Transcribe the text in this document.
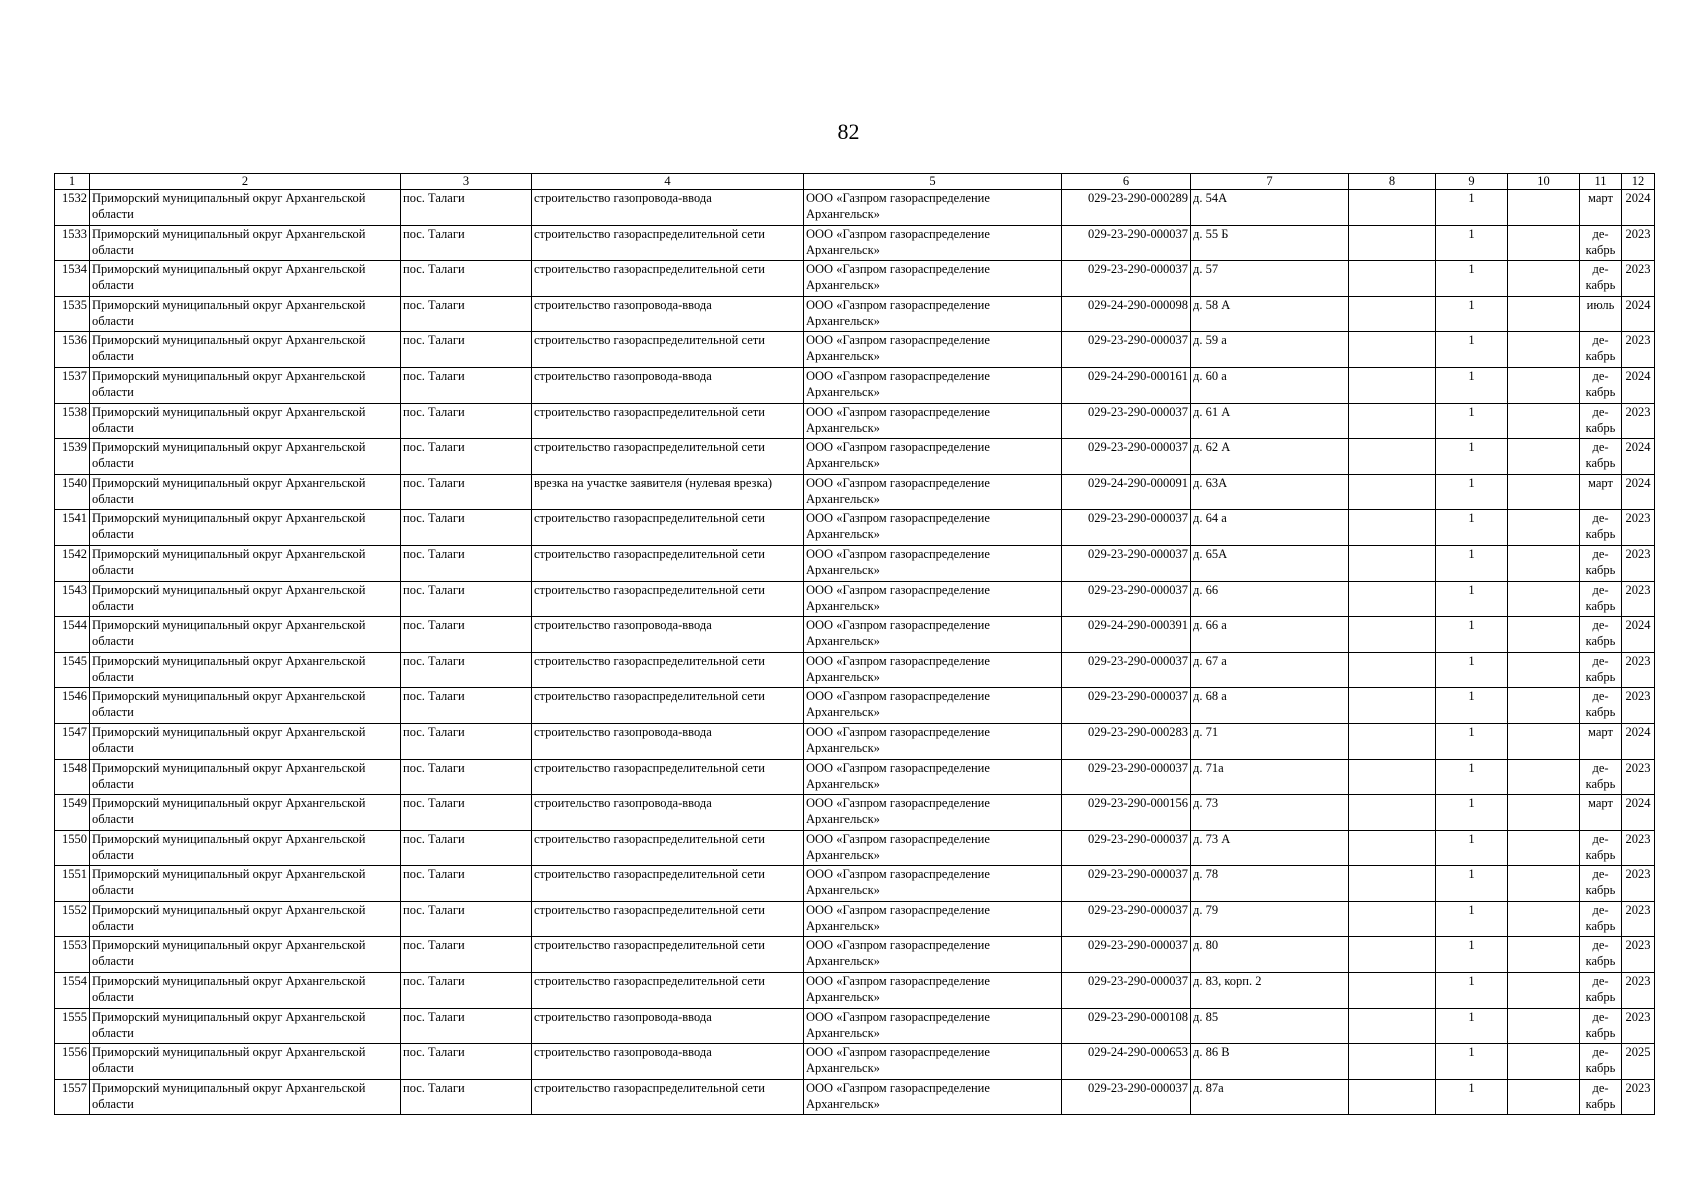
82
1	2	3	4	5	6	7	8	9	10	11	12
1532	Приморский муниципальный округ Архангельской области	пос. Талаги	строительство газопровода-ввода	ООО «Газпром газораспределение Архангельск»	029-23-290-000289	д. 54А		1		март	2024
1533	Приморский муниципальный округ Архангельской области	пос. Талаги	строительство газораспределительной сети	ООО «Газпром газораспределение Архангельск»	029-23-290-000037	д. 55 Б		1		де-кабрь	2023
1534	Приморский муниципальный округ Архангельской области	пос. Талаги	строительство газораспределительной сети	ООО «Газпром газораспределение Архангельск»	029-23-290-000037	д. 57		1		де-кабрь	2023
1535	Приморский муниципальный округ Архангельской области	пос. Талаги	строительство газопровода-ввода	ООО «Газпром газораспределение Архангельск»	029-24-290-000098	д. 58 А		1		июль	2024
1536	Приморский муниципальный округ Архангельской области	пос. Талаги	строительство газораспределительной сети	ООО «Газпром газораспределение Архангельск»	029-23-290-000037	д. 59 а		1		де-кабрь	2023
1537	Приморский муниципальный округ Архангельской области	пос. Талаги	строительство газопровода-ввода	ООО «Газпром газораспределение Архангельск»	029-24-290-000161	д. 60 а		1		де-кабрь	2024
1538	Приморский муниципальный округ Архангельской области	пос. Талаги	строительство газораспределительной сети	ООО «Газпром газораспределение Архангельск»	029-23-290-000037	д. 61 А		1		де-кабрь	2023
1539	Приморский муниципальный округ Архангельской области	пос. Талаги	строительство газораспределительной сети	ООО «Газпром газораспределение Архангельск»	029-23-290-000037	д. 62 А		1		де-кабрь	2024
1540	Приморский муниципальный округ Архангельской области	пос. Талаги	врезка на участке заявителя (нулевая врезка)	ООО «Газпром газораспределение Архангельск»	029-24-290-000091	д. 63А		1		март	2024
1541	Приморский муниципальный округ Архангельской области	пос. Талаги	строительство газораспределительной сети	ООО «Газпром газораспределение Архангельск»	029-23-290-000037	д. 64 а		1		де-кабрь	2023
1542	Приморский муниципальный округ Архангельской области	пос. Талаги	строительство газораспределительной сети	ООО «Газпром газораспределение Архангельск»	029-23-290-000037	д. 65А		1		де-кабрь	2023
1543	Приморский муниципальный округ Архангельской области	пос. Талаги	строительство газораспределительной сети	ООО «Газпром газораспределение Архангельск»	029-23-290-000037	д. 66		1		де-кабрь	2023
1544	Приморский муниципальный округ Архангельской области	пос. Талаги	строительство газопровода-ввода	ООО «Газпром газораспределение Архангельск»	029-24-290-000391	д. 66 а		1		де-кабрь	2024
1545	Приморский муниципальный округ Архангельской области	пос. Талаги	строительство газораспределительной сети	ООО «Газпром газораспределение Архангельск»	029-23-290-000037	д. 67 а		1		де-кабрь	2023
1546	Приморский муниципальный округ Архангельской области	пос. Талаги	строительство газораспределительной сети	ООО «Газпром газораспределение Архангельск»	029-23-290-000037	д. 68 а		1		де-кабрь	2023
1547	Приморский муниципальный округ Архангельской области	пос. Талаги	строительство газопровода-ввода	ООО «Газпром газораспределение Архангельск»	029-23-290-000283	д. 71		1		март	2024
1548	Приморский муниципальный округ Архангельской области	пос. Талаги	строительство газораспределительной сети	ООО «Газпром газораспределение Архангельск»	029-23-290-000037	д. 71а		1		де-кабрь	2023
1549	Приморский муниципальный округ Архангельской области	пос. Талаги	строительство газопровода-ввода	ООО «Газпром газораспределение Архангельск»	029-23-290-000156	д. 73		1		март	2024
1550	Приморский муниципальный округ Архангельской области	пос. Талаги	строительство газораспределительной сети	ООО «Газпром газораспределение Архангельск»	029-23-290-000037	д. 73 А		1		де-кабрь	2023
1551	Приморский муниципальный округ Архангельской области	пос. Талаги	строительство газораспределительной сети	ООО «Газпром газораспределение Архангельск»	029-23-290-000037	д. 78		1		де-кабрь	2023
1552	Приморский муниципальный округ Архангельской области	пос. Талаги	строительство газораспределительной сети	ООО «Газпром газораспределение Архангельск»	029-23-290-000037	д. 79		1		де-кабрь	2023
1553	Приморский муниципальный округ Архангельской области	пос. Талаги	строительство газораспределительной сети	ООО «Газпром газораспределение Архангельск»	029-23-290-000037	д. 80		1		де-кабрь	2023
1554	Приморский муниципальный округ Архангельской области	пос. Талаги	строительство газораспределительной сети	ООО «Газпром газораспределение Архангельск»	029-23-290-000037	д. 83, корп. 2		1		де-кабрь	2023
1555	Приморский муниципальный округ Архангельской области	пос. Талаги	строительство газопровода-ввода	ООО «Газпром газораспределение Архангельск»	029-23-290-000108	д. 85		1		де-кабрь	2023
1556	Приморский муниципальный округ Архангельской области	пос. Талаги	строительство газопровода-ввода	ООО «Газпром газораспределение Архангельск»	029-24-290-000653	д. 86 В		1		де-кабрь	2025
1557	Приморский муниципальный округ Архангельской области	пос. Талаги	строительство газораспределительной сети	ООО «Газпром газораспределение Архангельск»	029-23-290-000037	д. 87а		1		де-кабрь	2023
